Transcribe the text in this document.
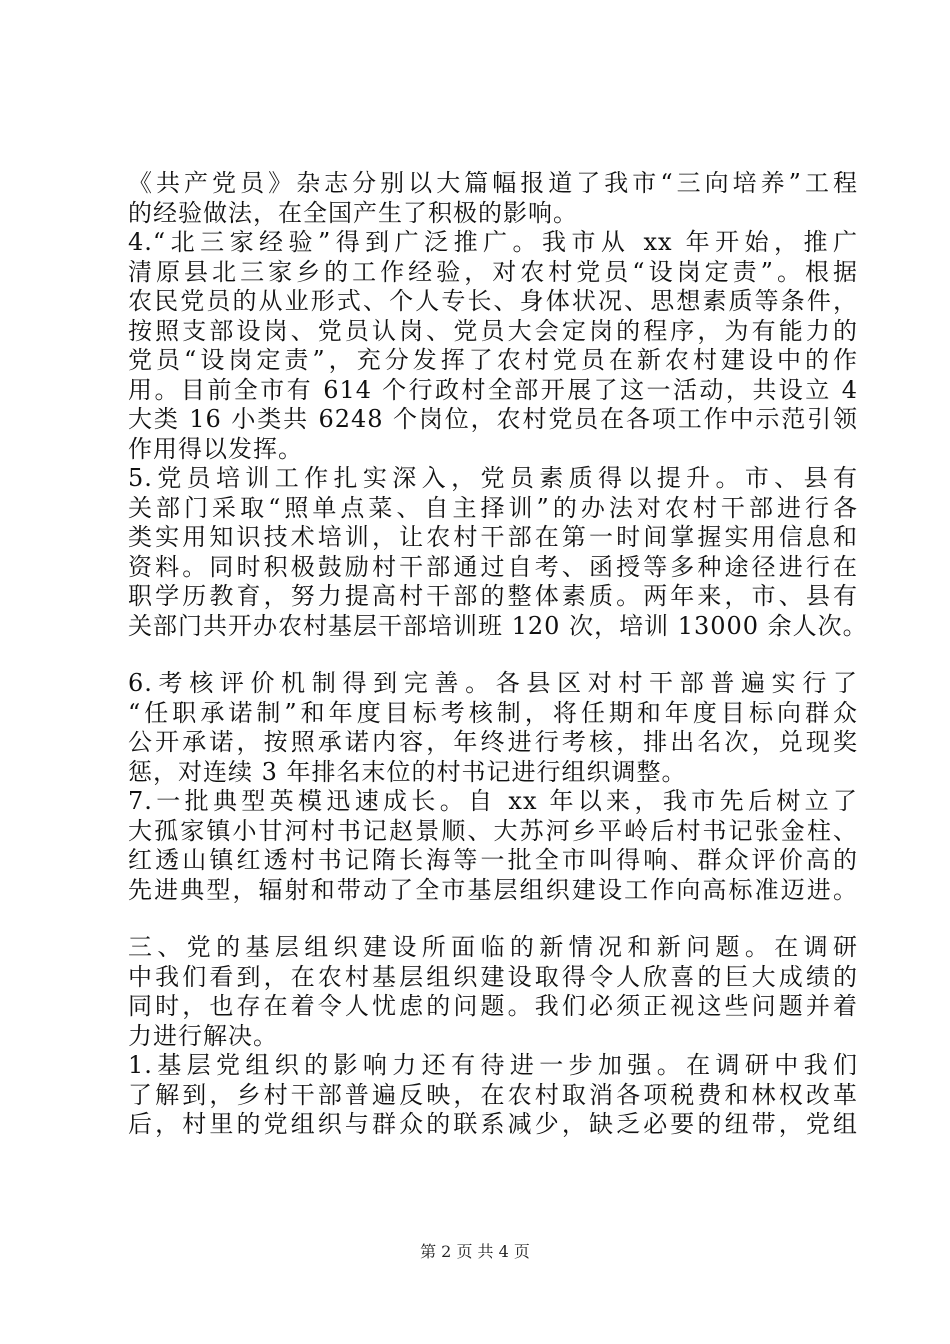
《共产党员》杂志分别以大篇幅报道了我市“三向培养”工程
的经验做法，在全国产生了积极的影响。
4.“北三家经验”得到广泛推广。我市从 xx 年开始，推广
清原县北三家乡的工作经验，对农村党员“设岗定责”。根据
农民党员的从业形式、个人专长、身体状况、思想素质等条件，
按照支部设岗、党员认岗、党员大会定岗的程序，为有能力的
党员“设岗定责”，充分发挥了农村党员在新农村建设中的作
用。目前全市有 614 个行政村全部开展了这一活动，共设立 4
大类 16 小类共 6248 个岗位，农村党员在各项工作中示范引领
作用得以发挥。
5.党员培训工作扎实深入，党员素质得以提升。市、县有
关部门采取“照单点菜、自主择训”的办法对农村干部进行各
类实用知识技术培训，让农村干部在第一时间掌握实用信息和
资料。同时积极鼓励村干部通过自考、函授等多种途径进行在
职学历教育，努力提高村干部的整体素质。两年来，市、县有
关部门共开办农村基层干部培训班 120 次，培训 13000 余人次。
6.考核评价机制得到完善。各县区对村干部普遍实行了
“任职承诺制”和年度目标考核制，将任期和年度目标向群众
公开承诺，按照承诺内容，年终进行考核，排出名次，兑现奖
惩，对连续 3 年排名末位的村书记进行组织调整。
7.一批典型英模迅速成长。自 xx 年以来，我市先后树立了
大孤家镇小甘河村书记赵景顺、大苏河乡平岭后村书记张金柱、
红透山镇红透村书记隋长海等一批全市叫得响、群众评价高的
先进典型，辐射和带动了全市基层组织建设工作向高标准迈进。
三、党的基层组织建设所面临的新情况和新问题。在调研
中我们看到，在农村基层组织建设取得令人欣喜的巨大成绩的
同时，也存在着令人忧虑的问题。我们必须正视这些问题并着
力进行解决。
1.基层党组织的影响力还有待进一步加强。在调研中我们
了解到，乡村干部普遍反映，在农村取消各项税费和林权改革
后，村里的党组织与群众的联系减少，缺乏必要的纽带，党组
第 2 页 共 4 页
